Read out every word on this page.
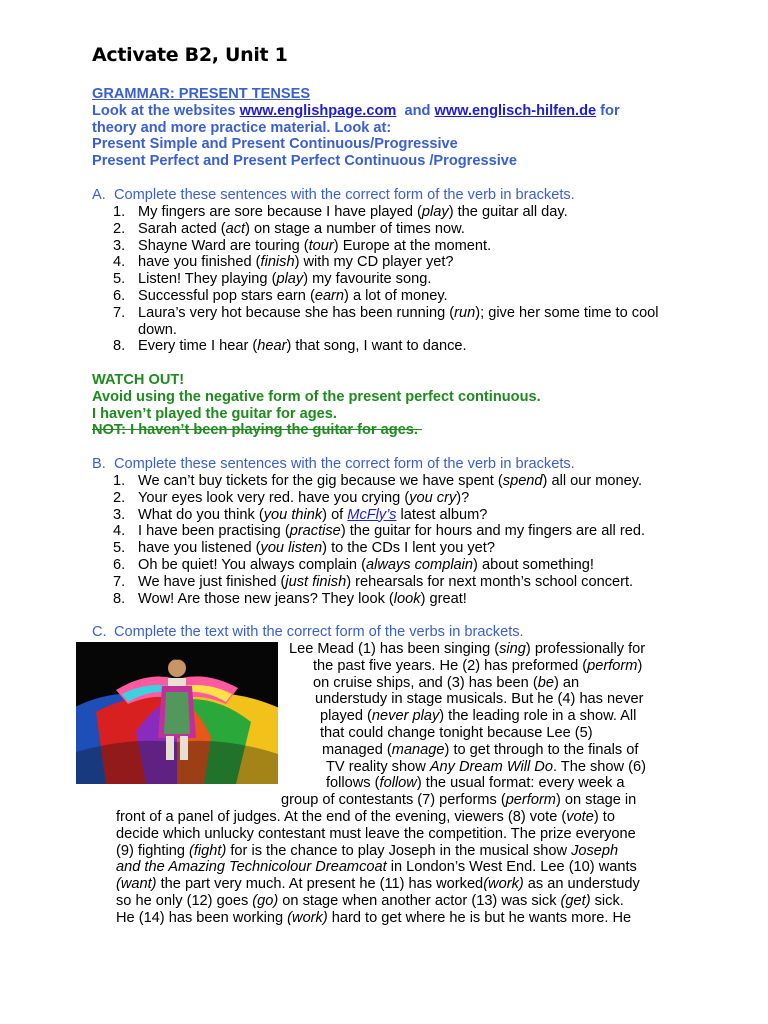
Activate B2, Unit 1
GRAMMAR: PRESENT TENSES
Look at the websites www.englishpage.com  and www.englisch-hilfen.de for
theory and more practice material. Look at:
Present Simple and Present Continuous/Progressive
Present Perfect and Present Perfect Continuous /Progressive
A. Complete these sentences with the correct form of the verb in brackets.
1. My fingers are sore because I have played (play) the guitar all day.
2. Sarah acted (act) on stage a number of times now.
3. Shayne Ward are touring (tour) Europe at the moment.
4. have you finished (finish) with my CD player yet?
5. Listen! They playing (play) my favourite song.
6. Successful pop stars earn (earn) a lot of money.
7. Laura’s very hot because she has been running (run); give her some time to cool down.
8. Every time I hear (hear) that song, I want to dance.
WATCH OUT!
Avoid using the negative form of the present perfect continuous.
I haven’t played the guitar for ages.
NOT: I haven’t been playing the guitar for ages.
B. Complete these sentences with the correct form of the verb in brackets.
1. We can’t buy tickets for the gig because we have spent (spend) all our money.
2. Your eyes look very red. have you crying (you cry)?
3. What do you think (you think) of McFly’s latest album?
4. I have been practising (practise) the guitar for hours and my fingers are all red.
5. have you listened (you listen) to the CDs I lent you yet?
6. Oh be quiet! You always complain (always complain) about something!
7. We have just finished (just finish) rehearsals for next month’s school concert.
8. Wow! Are those new jeans? They look (look) great!
C. Complete the text with the correct form of the verbs in brackets.
Lee Mead (1) has been singing (sing) professionally for
the past five years. He (2) has preformed (perform)
on cruise ships, and (3) has been (be) an
understudy in stage musicals. But he (4) has never
played (never play) the leading role in a show. All
that could change tonight because Lee (5)
managed (manage) to get through to the finals of
TV reality show Any Dream Will Do. The show (6)
follows (follow) the usual format: every week a
group of contestants (7) performs (perform) on stage in
front of a panel of judges. At the end of the evening, viewers (8) vote (vote) to
decide which unlucky contestant must leave the competition. The prize everyone
(9) fighting (fight) for is the chance to play Joseph in the musical show Joseph
and the Amazing Technicolour Dreamcoat in London’s West End. Lee (10) wants
(want) the part very much. At present he (11) has worked(work) as an understudy
so he only (12) goes (go) on stage when another actor (13) was sick (get) sick.
He (14) has been working (work) hard to get where he is but he wants more. He
